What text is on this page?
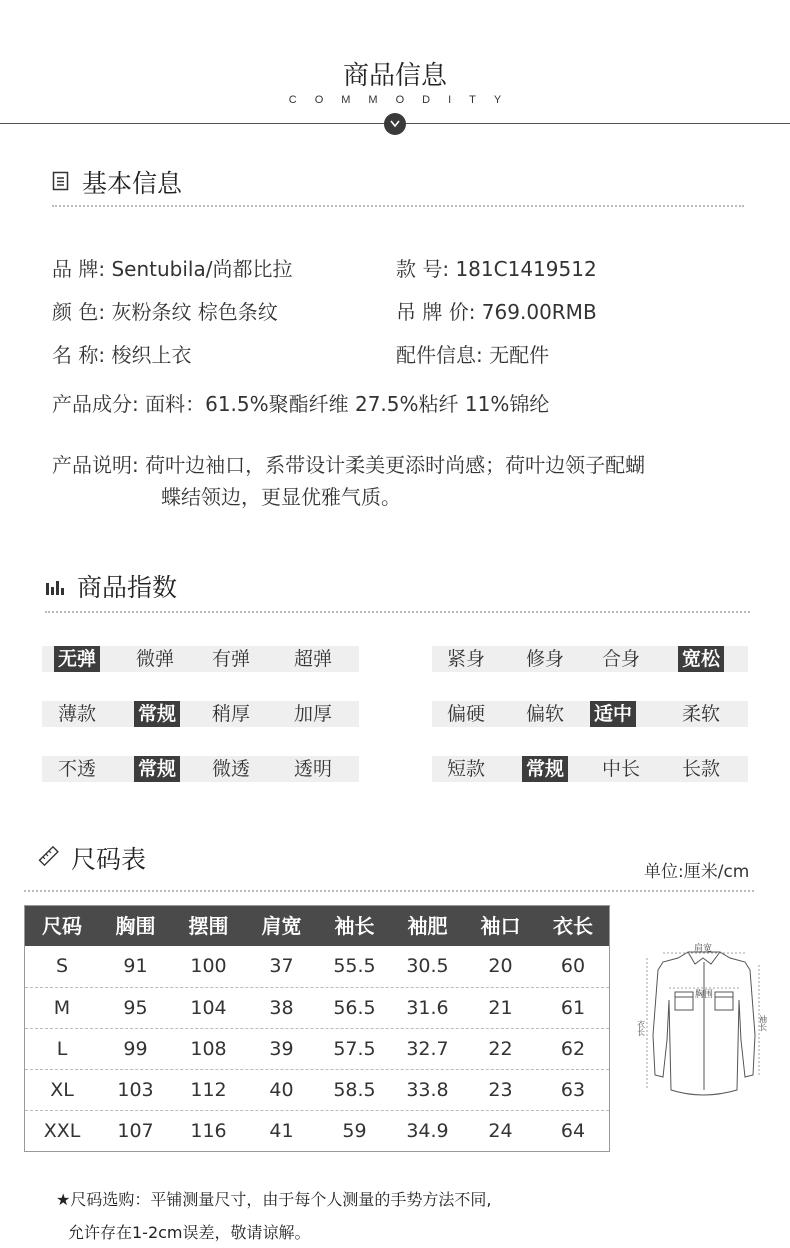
商品信息
COMMODITY
基本信息
品 牌: Sentubila/尚都比拉	款 号: 181C1419512
颜 色: 灰粉条纹 棕色条纹	吊 牌 价: 769.00RMB
名 称: 梭织上衣	配件信息: 无配件
产品成分: 面料：61.5%聚酯纤维 27.5%粘纤 11%锦纶
产品说明: 荷叶边袖口，系带设计柔美更添时尚感；荷叶边领子配蝴
蝶结领边，更显优雅气质。
商品指数
无弹 微弹 有弹 超弹	紧身 修身 合身 宽松
薄款 常规 稍厚 加厚	偏硬 偏软 适中	柔软
不透 常规 微透 透明	短款 常规 中长 长款
尺码表	单位:厘米/cm
尺码	胸围	摆围	肩宽	袖长	袖肥	袖口	衣长
S	91	100	37	55.5	30.5	20	60
M	95	104	38	56.5	31.6	21	61
L	99	108	39	57.5	32.7	22	62
XL	103	112	40	58.5	33.8	23	63
XXL	107	116	41	59	34.9	24	64
肩宽
胸围
衣长	袖长
★尺码选购：平铺测量尺寸，由于每个人测量的手势方法不同,
允许存在1-2cm误差，敬请谅解。
